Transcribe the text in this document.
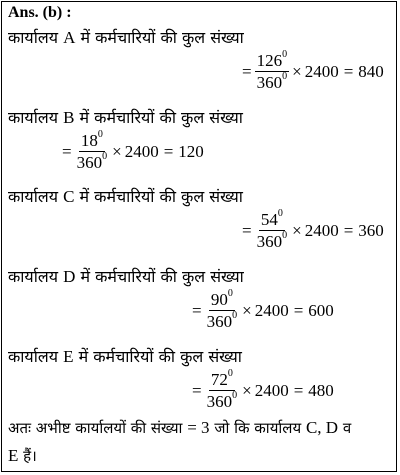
Ans. (b) :
कार्यालय A में कर्मचारियों की कुल संख्या
= $\frac{126^0}{360^0} \times 2400 = 840$
कार्यालय B में कर्मचारियों की कुल संख्या
= $\frac{18^0}{360^0} \times 2400 = 120$
कार्यालय C में कर्मचारियों की कुल संख्या
= $\frac{54^0}{360^0} \times 2400 = 360$
कार्यालय D में कर्मचारियों की कुल संख्या
= $\frac{90^0}{360^0} \times 2400 = 600$
कार्यालय E में कर्मचारियों की कुल संख्या
= $\frac{72^0}{360^0} \times 2400 = 480$
अतः अभीष्ट कार्यालयों की संख्या = 3 जो कि कार्यालय C, D व
E हैं।
